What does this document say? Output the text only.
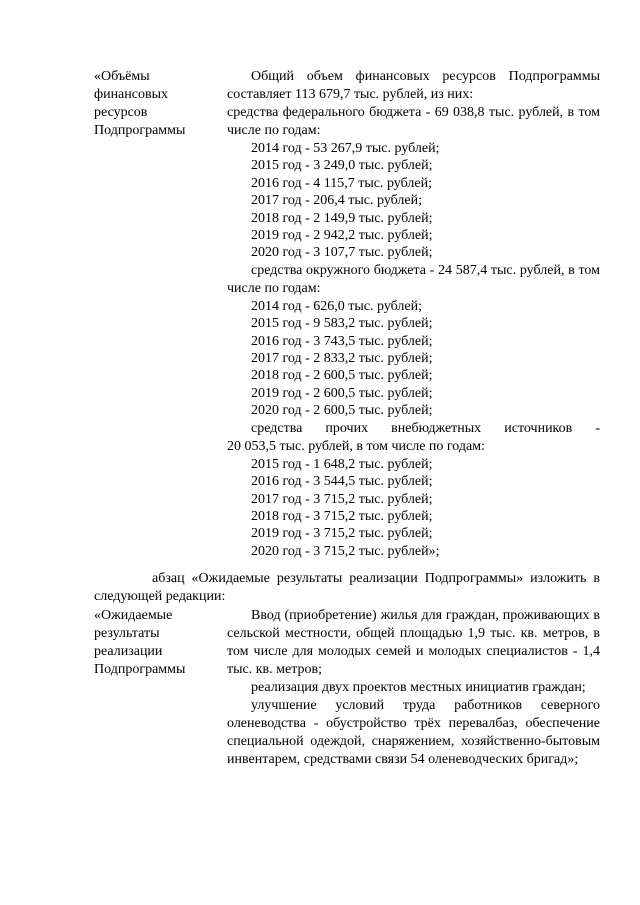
«Объёмы
финансовых
ресурсов
Подпрограммы
Общий объем финансовых ресурсов Подпрограммы
составляет 113 679,7 тыс. рублей, из них:
средства федерального бюджета - 69 038,8 тыс. рублей, в том числе по годам:
2014 год - 53 267,9 тыс. рублей;
2015 год - 3 249,0 тыс. рублей;
2016 год - 4 115,7 тыс. рублей;
2017 год - 206,4 тыс. рублей;
2018 год - 2 149,9 тыс. рублей;
2019 год - 2 942,2 тыс. рублей;
2020 год - 3 107,7 тыс. рублей;
средства окружного бюджета - 24 587,4 тыс. рублей, в том числе по годам:
2014 год - 626,0 тыс. рублей;
2015 год - 9 583,2 тыс. рублей;
2016 год - 3 743,5 тыс. рублей;
2017 год - 2 833,2 тыс. рублей;
2018 год - 2 600,5 тыс. рублей;
2019 год - 2 600,5 тыс. рублей;
2020 год - 2 600,5 тыс. рублей;
средства прочих внебюджетных источников -
20 053,5 тыс. рублей, в том числе по годам:
2015 год - 1 648,2 тыс. рублей;
2016 год - 3 544,5 тыс. рублей;
2017 год - 3 715,2 тыс. рублей;
2018 год - 3 715,2 тыс. рублей;
2019 год - 3 715,2 тыс. рублей;
2020 год - 3 715,2 тыс. рублей»;
абзац «Ожидаемые результаты реализации Подпрограммы» изложить в
следующей редакции:
«Ожидаемые
результаты
реализации
Подпрограммы
Ввод (приобретение) жилья для граждан, проживающих в сельской местности, общей площадью 1,9 тыс. кв. метров, в том числе для молодых семей и молодых специалистов - 1,4 тыс. кв. метров;
реализация двух проектов местных инициатив граждан;
улучшение условий труда работников северного оленеводства - обустройство трёх перевалбаз, обеспечение специальной одеждой, снаряжением, хозяйственно-бытовым инвентарем, средствами связи 54 оленеводческих бригад»;
